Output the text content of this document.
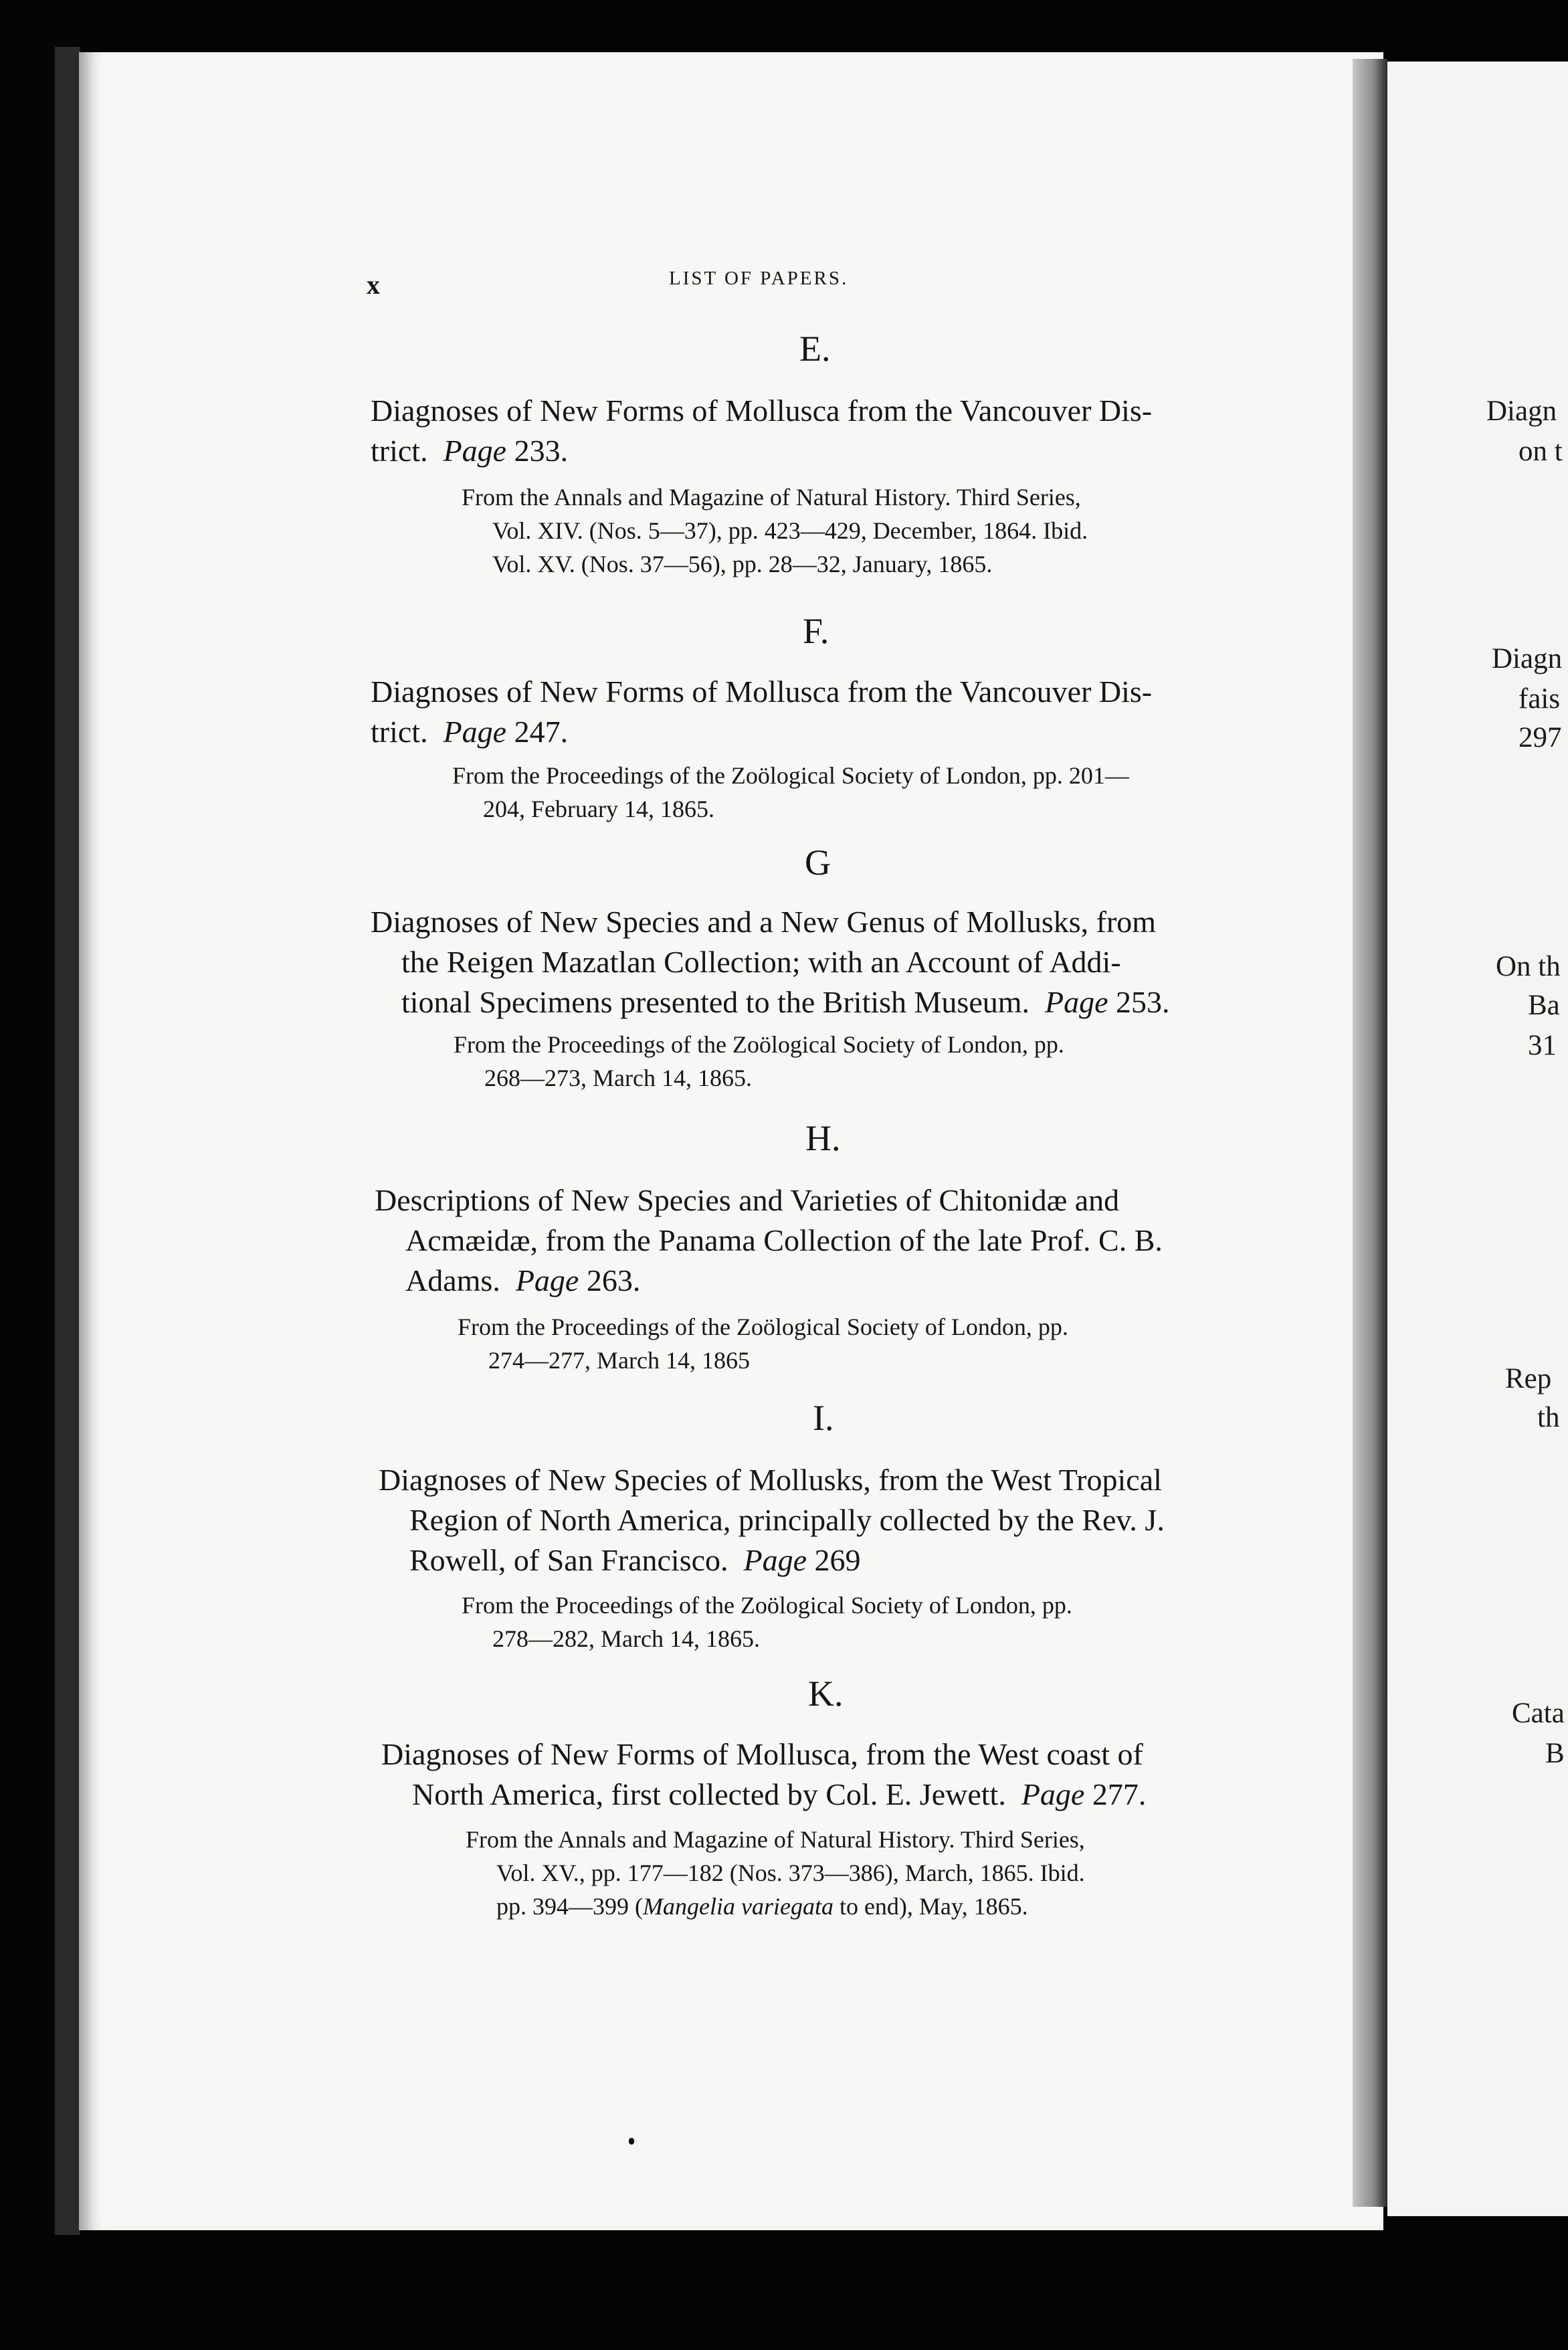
Diagn
on t
Diagn
fais
297
On th
Ba
31
Rep
th
Cata
B
x	LIST OF PAPERS.
E.
Diagnoses of New Forms of Mollusca from the Vancouver Dis-
trict. Page 233.
From the Annals and Magazine of Natural History. Third Series,
Vol. XIV. (Nos. 5—37), pp. 423—429, December, 1864. Ibid.
Vol. XV. (Nos. 37—56), pp. 28—32, January, 1865.
F.
Diagnoses of New Forms of Mollusca from the Vancouver Dis-
trict. Page 247.
From the Proceedings of the Zoölogical Society of London, pp. 201—
204, February 14, 1865.
G
Diagnoses of New Species and a New Genus of Mollusks, from
the Reigen Mazatlan Collection; with an Account of Addi-
tional Specimens presented to the British Museum. Page 253.
From the Proceedings of the Zoölogical Society of London, pp.
268—273, March 14, 1865.
H.
Descriptions of New Species and Varieties of Chitonidæ and
Acmæidæ, from the Panama Collection of the late Prof. C. B.
Adams. Page 263.
From the Proceedings of the Zoölogical Society of London, pp.
274—277, March 14, 1865
I.
Diagnoses of New Species of Mollusks, from the West Tropical
Region of North America, principally collected by the Rev. J.
Rowell, of San Francisco. Page 269
From the Proceedings of the Zoölogical Society of London, pp.
278—282, March 14, 1865.
K.
Diagnoses of New Forms of Mollusca, from the West coast of
North America, first collected by Col. E. Jewett. Page 277.
From the Annals and Magazine of Natural History. Third Series,
Vol. XV., pp. 177—182 (Nos. 373—386), March, 1865. Ibid.
pp. 394—399 (Mangelia variegata to end), May, 1865.
